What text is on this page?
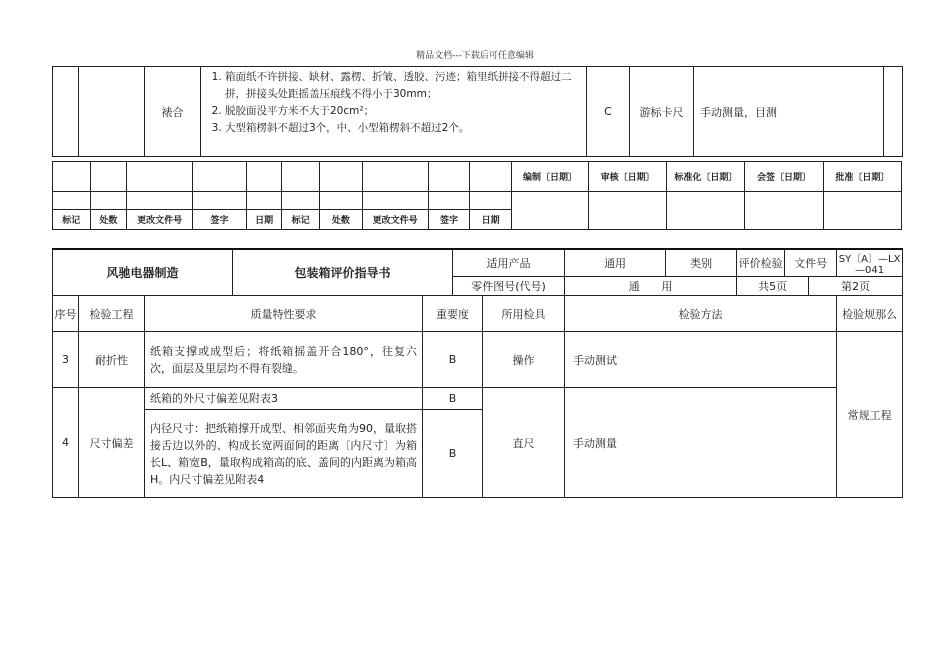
精品文档---下载后可任意编辑
		裱合	
1. 箱面纸不许拼接、缺材、露楞、折皱、透胶、污迹；箱里纸拼接不得超过二拼，拼接头处距摇盖压痕线不得小于30mm；
2. 脱胶面没平方米不大于20cm²；
3. 大型箱楞斜不超过3个，中、小型箱楞斜不超过2个。
	C	游标卡尺	手动测量，目测	
										编制〔日期〕	审核〔日期〕	标准化〔日期〕	会签〔日期〕	批准〔日期〕

标记	处数	更改文件号	签字	日期	标记	处数	更改文件号	签字	日期					
风驰电器制造			包装箱评价指导书		适用产品		通用	类别	评价检验	文件号		SY〔A〕—LX—041
					零件图号(代号)		通　　用		共5页		第2页	
序号	检验工程	质量特性要求		重要度		所用检具	检验方法					检验规那么
3	耐折性	纸箱支撑或成型后；将纸箱摇盖开合180°，往复六次，面层及里层均不得有裂缝。		B		操作	手动测试					常规工程
4	尺寸偏差	纸箱的外尺寸偏差见附表3		B		直尺	手动测量					
		内径尺寸：把纸箱撑开成型、相邻面夹角为90，量取搭接舌边以外的、构成长宽两面间的距离〔内尺寸〕为箱长L、箱宽B，量取构成箱高的底、盖间的内距离为箱高H。内尺寸偏差见附表4		B								
